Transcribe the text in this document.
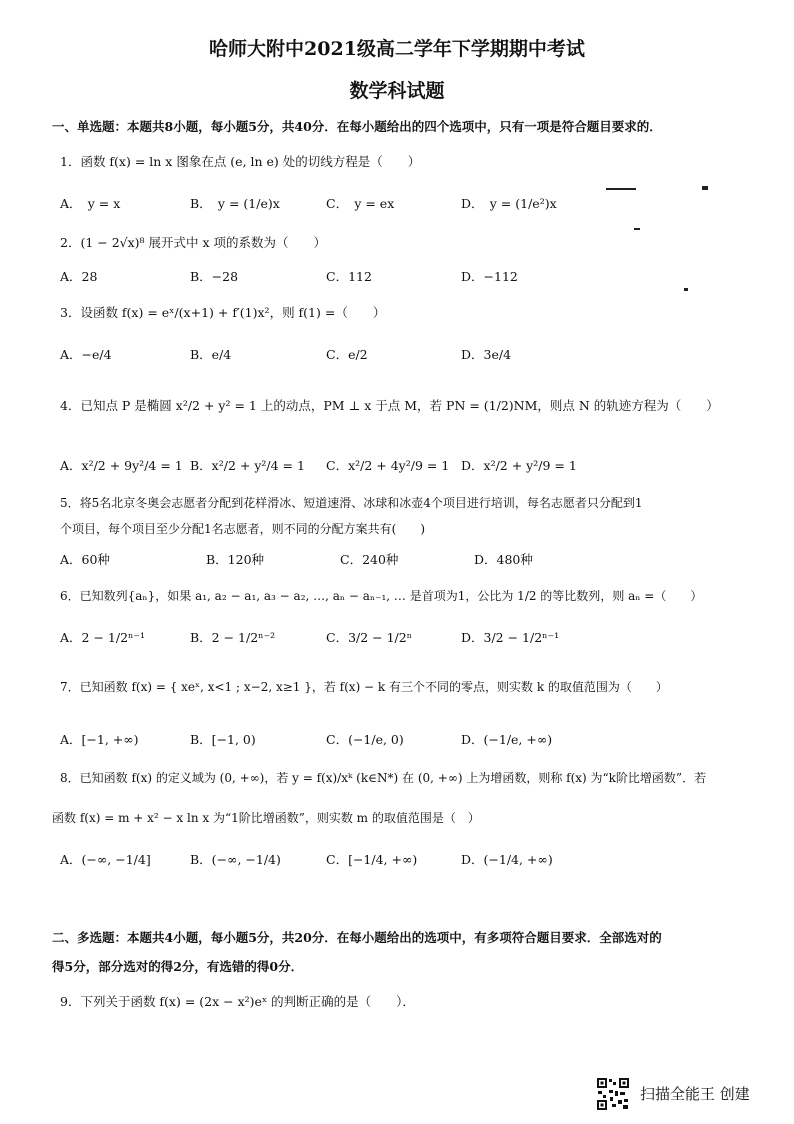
哈师大附中2021级高二学年下学期期中考试
数学科试题
一、单选题：本题共8小题，每小题5分，共40分．在每小题给出的四个选项中，只有一项是符合题目要求的．
1．函数 f(x) = ln x 图象在点 (e, ln e) 处的切线方程是（　　）
A．　y = x	B．　y = (1/e)x	C．　y = ex	D．　y = (1/e²)x
2．(1 − 2√x)⁸ 展开式中 x 项的系数为（　　）
A．28	B．−28	C．112	D．−112
3．设函数 f(x) = eˣ/(x+1) + f′(1)x²，则 f(1) =（　　）
A．−e/4	B．e/4	C．e/2	D．3e/4
4．已知点 P 是椭圆 x²/2 + y² = 1 上的动点，PM ⊥ x 于点 M，若 PN = (1/2)NM，则点 N 的轨迹方程为（　　）
A．x²/2 + 9y²/4 = 1 B．x²/2 + y²/4 = 1 C．x²/2 + 4y²/9 = 1 D．x²/2 + y²/9 = 1
5．将5名北京冬奥会志愿者分配到花样滑冰、短道速滑、冰球和冰壶4个项目进行培训，每名志愿者只分配到1
个项目，每个项目至少分配1名志愿者，则不同的分配方案共有(　　)
A．60种	B．120种	C．240种	D．480种
6．已知数列{aₙ}，如果 a₁, a₂ − a₁, a₃ − a₂, …, aₙ − aₙ₋₁, … 是首项为1，公比为 1/2 的等比数列，则 aₙ =（　　）
A．2 − 1/2ⁿ⁻¹	B．2 − 1/2ⁿ⁻²	C．3/2 − 1/2ⁿ	D．3/2 − 1/2ⁿ⁻¹
7．已知函数 f(x) = { xeˣ, x<1 ; x−2, x≥1 }，若 f(x) − k 有三个不同的零点，则实数 k 的取值范围为（　　）
A．[−1, +∞)	B．[−1, 0)	C．(−1/e, 0)	D．(−1/e, +∞)
8．已知函数 f(x) 的定义域为 (0, +∞)，若 y = f(x)/xᵏ (k∈N*) 在 (0, +∞) 上为增函数，则称 f(x) 为“k阶比增函数”．若
函数 f(x) = m + x² − x ln x 为“1阶比增函数”，则实数 m 的取值范围是（　）
A．(−∞, −1/4]	B．(−∞, −1/4)	C．[−1/4, +∞)	D．(−1/4, +∞)
二、多选题：本题共4小题，每小题5分，共20分．在每小题给出的选项中，有多项符合题目要求．全部选对的
得5分，部分选对的得2分，有选错的得0分．
9．下列关于函数 f(x) = (2x − x²)eˣ 的判断正确的是（　　）．
扫描全能王 创建
